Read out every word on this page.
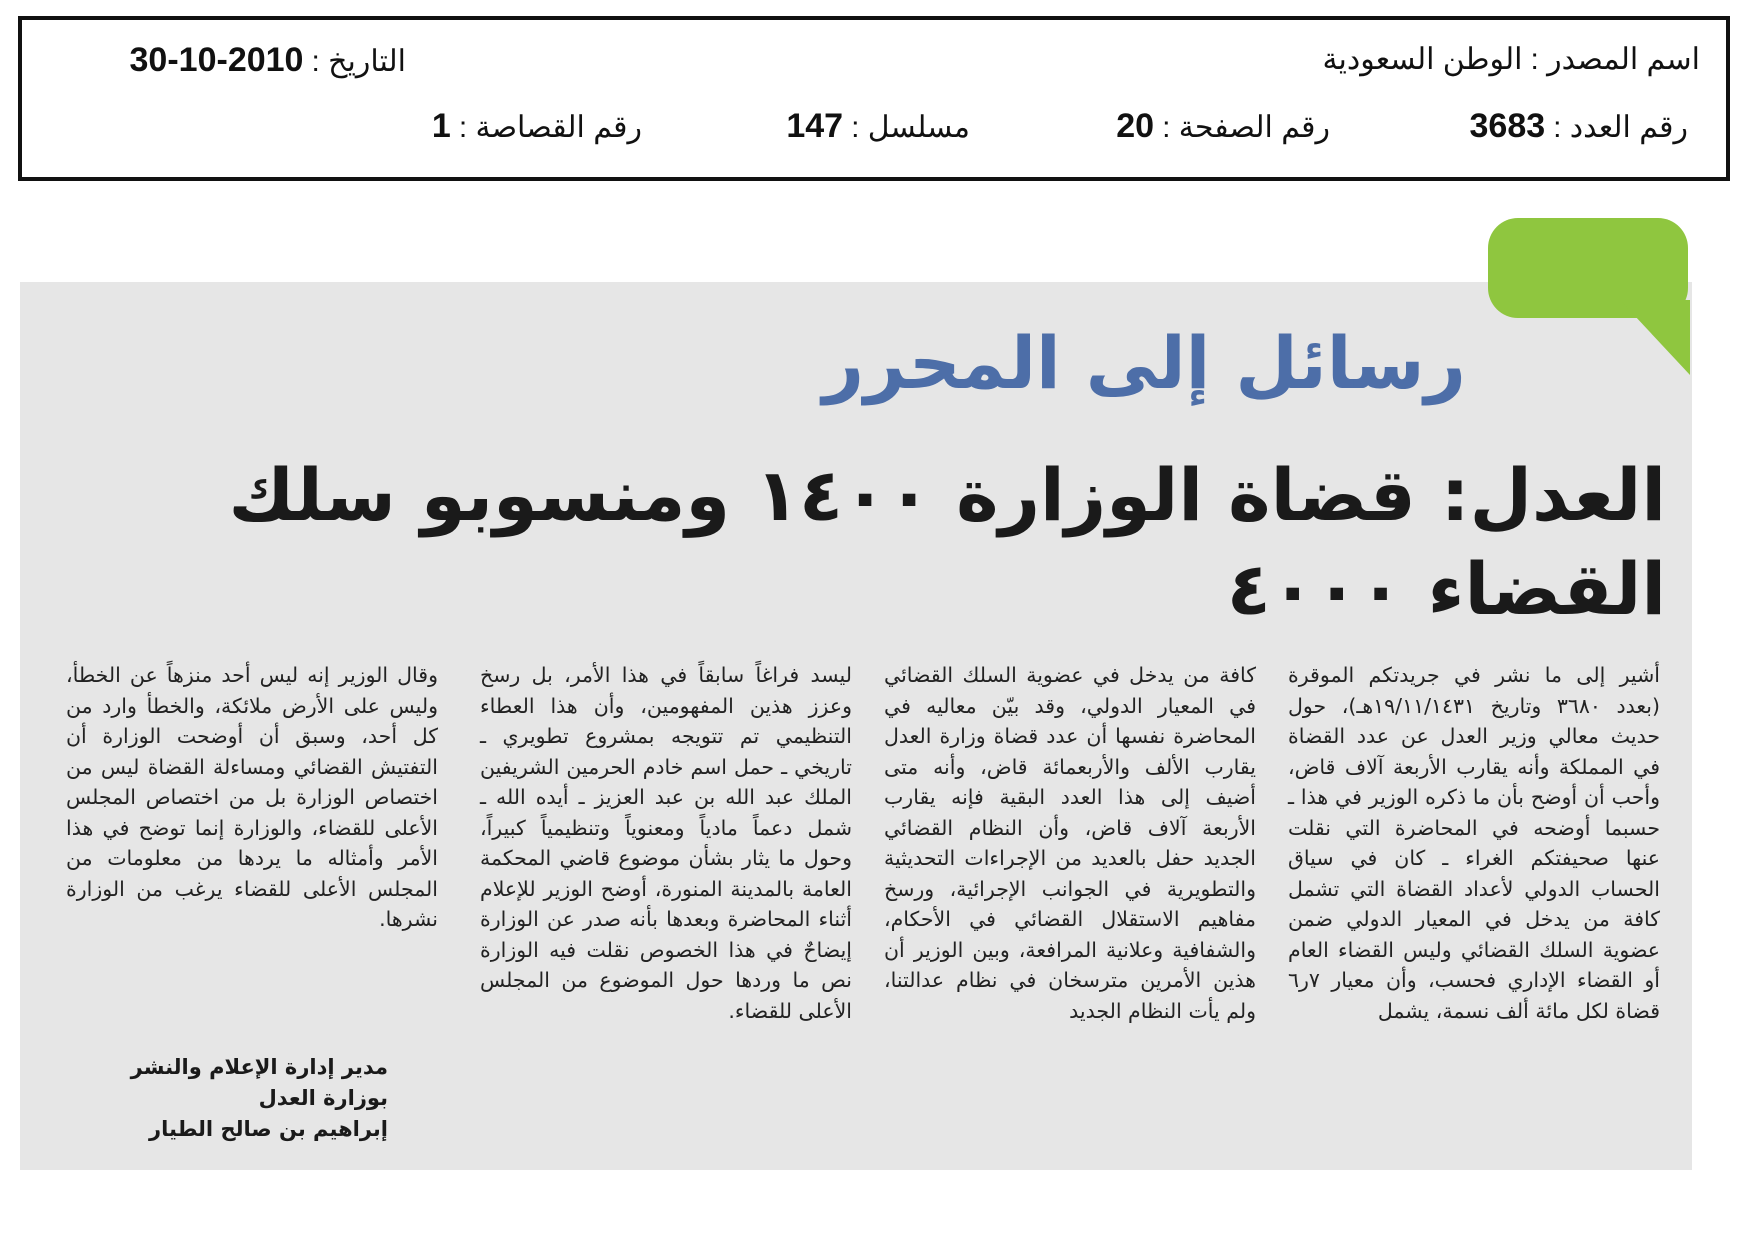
اسم المصدر :الوطن السعودية
التاريخ :2010-10-30
رقم العدد :3683
رقم الصفحة :20
مسلسل :147
رقم القصاصة :1
رسائل إلى المحرر
العدل: قضاة الوزارة ١٤٠٠ ومنسوبو سلك القضاء ٤٠٠٠

أشير إلى ما نشر في جريدتكم الموقرة (بعدد ٣٦٨٠ وتاريخ ١٩/١١/١٤٣١هـ)، حول حديث معالي وزير العدل عن عدد القضاة في المملكة وأنه يقارب الأربعة آلاف قاض، وأحب أن أوضح بأن ما ذكره الوزير في هذا ـ حسبما أوضحه في المحاضرة التي نقلت عنها صحيفتكم الغراء ـ كان في سياق الحساب الدولي لأعداد القضاة التي تشمل كافة من يدخل في المعيار الدولي ضمن عضوية السلك القضائي وليس القضاء العام أو القضاء الإداري فحسب، وأن معيار ٧ر٦ قضاة لكل مائة ألف نسمة، يشمل

كافة من يدخل في عضوية السلك القضائي في المعيار الدولي، وقد بيّن معاليه في المحاضرة نفسها أن عدد قضاة وزارة العدل يقارب الألف والأربعمائة قاض، وأنه متى أضيف إلى هذا العدد البقية فإنه يقارب الأربعة آلاف قاض، وأن النظام القضائي الجديد حفل بالعديد من الإجراءات التحديثية والتطويرية في الجوانب الإجرائية، ورسخ مفاهيم الاستقلال القضائي في الأحكام، والشفافية وعلانية المرافعة، وبين الوزير أن هذين الأمرين مترسخان في نظام عدالتنا، ولم يأت النظام الجديد

ليسد فراغاً سابقاً في هذا الأمر، بل رسخ وعزز هذين المفهومين، وأن هذا العطاء التنظيمي تم تتويجه بمشروع تطويري ـ تاريخي ـ حمل اسم خادم الحرمين الشريفين الملك عبد الله بن عبد العزيز ـ أيده الله ـ شمل دعماً مادياً ومعنوياً وتنظيمياً كبيراً، وحول ما يثار بشأن موضوع قاضي المحكمة العامة بالمدينة المنورة، أوضح الوزير للإعلام أثناء المحاضرة وبعدها بأنه صدر عن الوزارة إيضاحٌ في هذا الخصوص نقلت فيه الوزارة نص ما وردها حول الموضوع من المجلس الأعلى للقضاء.

وقال الوزير إنه ليس أحد منزهاً عن الخطأ، وليس على الأرض ملائكة، والخطأ وارد من كل أحد، وسبق أن أوضحت الوزارة أن التفتيش القضائي ومساءلة القضاة ليس من اختصاص الوزارة بل من اختصاص المجلس الأعلى للقضاء، والوزارة إنما توضح في هذا الأمر وأمثاله ما يردها من معلومات من المجلس الأعلى للقضاء يرغب من الوزارة نشرها.

مدير إدارة الإعلام والنشر
بوزارة العدل
إبراهيم بن صالح الطيار
